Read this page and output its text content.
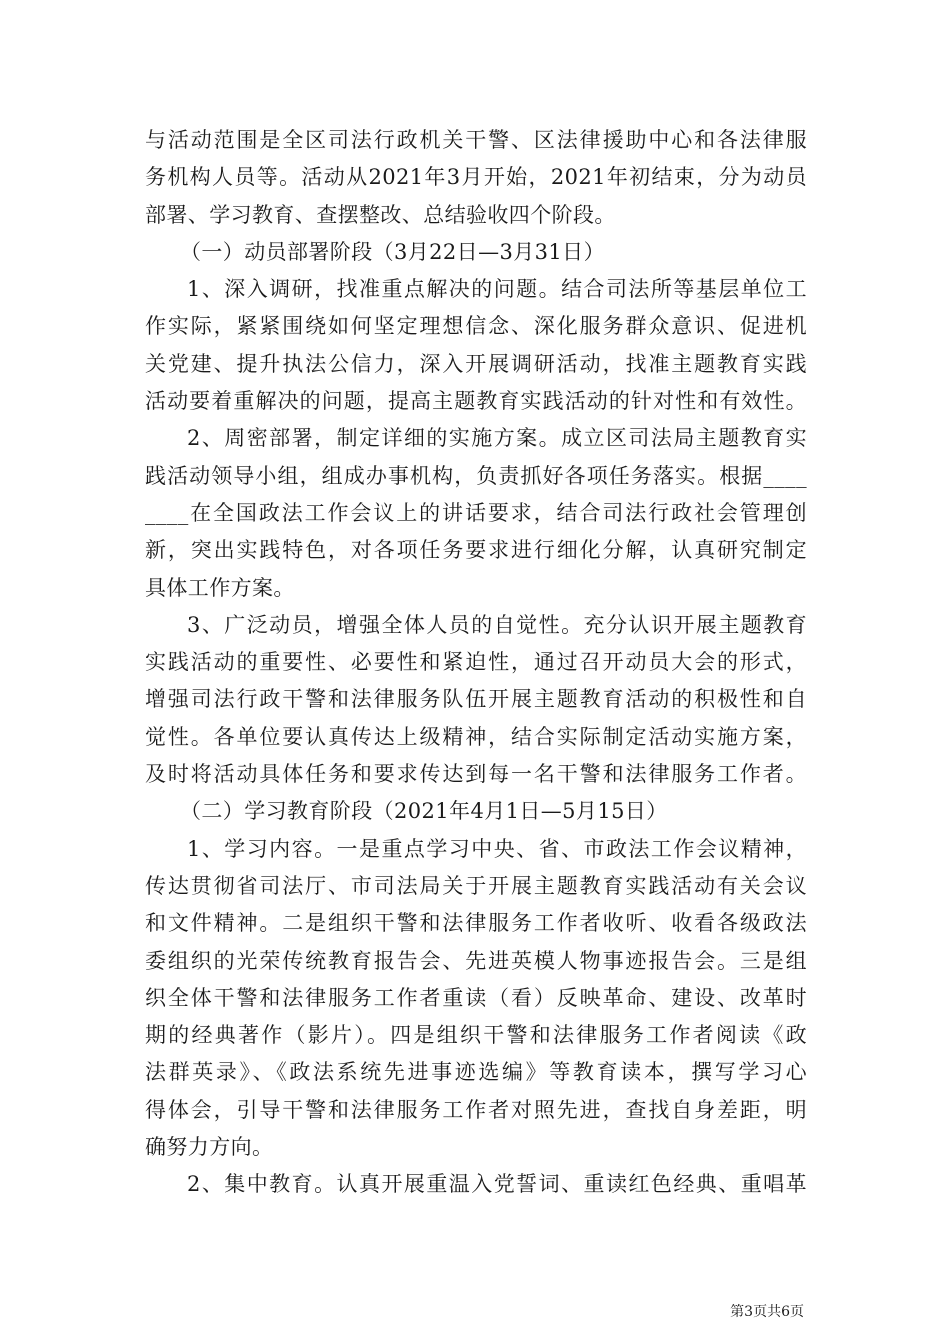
与活动范围是全区司法行政机关干警、区法律援助中心和各法律服
务机构人员等。活动从2021年3月开始，2021年初结束，分为动员
部署、学习教育、查摆整改、总结验收四个阶段。
（一）动员部署阶段（3月22日—3月31日）
1、深入调研，找准重点解决的问题。结合司法所等基层单位工
作实际，紧紧围绕如何坚定理想信念、深化服务群众意识、促进机
关党建、提升执法公信力，深入开展调研活动，找准主题教育实践
活动要着重解决的问题，提高主题教育实践活动的针对性和有效性。
2、周密部署，制定详细的实施方案。成立区司法局主题教育实
践活动领导小组，组成办事机构，负责抓好各项任务落实。根据____
____在全国政法工作会议上的讲话要求，结合司法行政社会管理创
新，突出实践特色，对各项任务要求进行细化分解，认真研究制定
具体工作方案。
3、广泛动员，增强全体人员的自觉性。充分认识开展主题教育
实践活动的重要性、必要性和紧迫性，通过召开动员大会的形式，
增强司法行政干警和法律服务队伍开展主题教育活动的积极性和自
觉性。各单位要认真传达上级精神，结合实际制定活动实施方案，
及时将活动具体任务和要求传达到每一名干警和法律服务工作者。
（二）学习教育阶段（2021年4月1日—5月15日）
1、学习内容。一是重点学习中央、省、市政法工作会议精神，
传达贯彻省司法厅、市司法局关于开展主题教育实践活动有关会议
和文件精神。二是组织干警和法律服务工作者收听、收看各级政法
委组织的光荣传统教育报告会、先进英模人物事迹报告会。三是组
织全体干警和法律服务工作者重读（看）反映革命、建设、改革时
期的经典著作（影片）。四是组织干警和法律服务工作者阅读《政
法群英录》、《政法系统先进事迹选编》等教育读本，撰写学习心
得体会，引导干警和法律服务工作者对照先进，查找自身差距，明
确努力方向。
2、集中教育。认真开展重温入党誓词、重读红色经典、重唱革
第3页共6页
